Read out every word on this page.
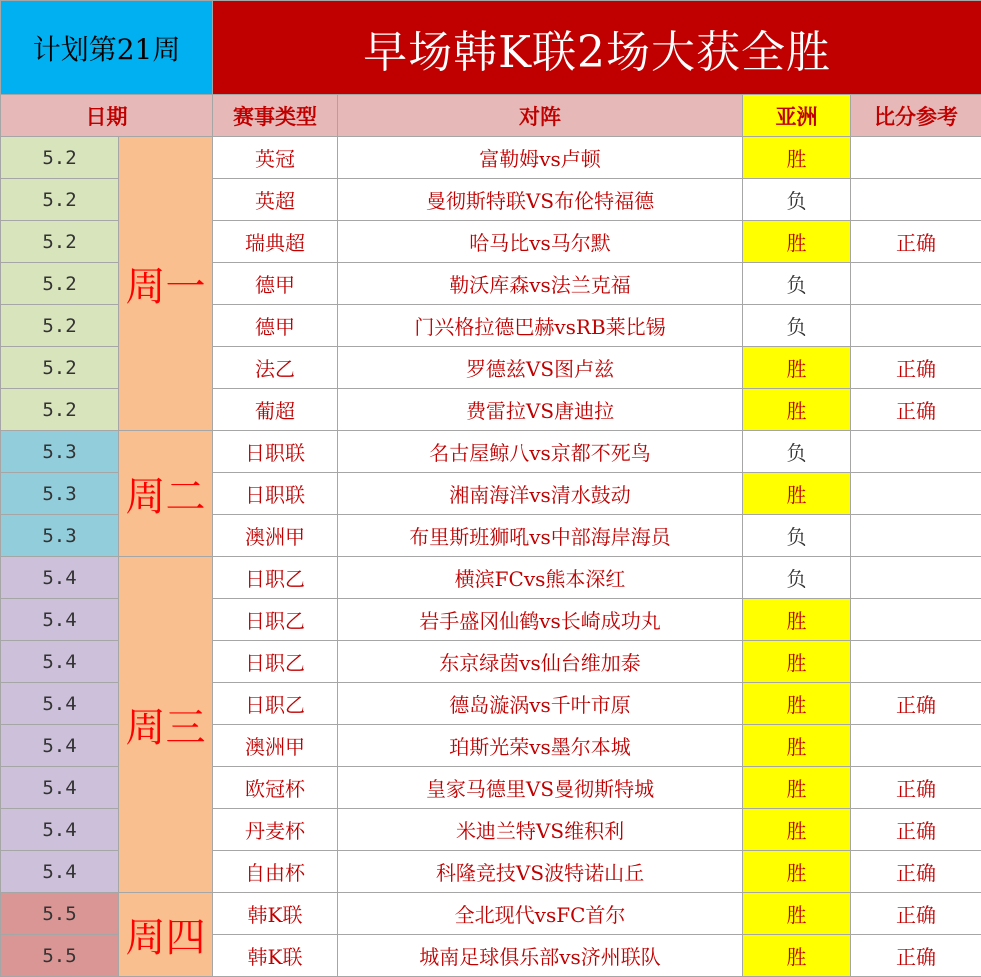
计划第21周		早场韩K联2场大获全胜			
日期		赛事类型	对阵	亚洲	比分参考
5.2	周一	英冠	富勒姆vs卢顿	胜	
5.2		英超	曼彻斯特联VS布伦特福德	负	
5.2		瑞典超	哈马比vs马尔默	胜	正确
5.2		德甲	勒沃库森vs法兰克福	负	
5.2		德甲	门兴格拉德巴赫vsRB莱比锡	负	
5.2		法乙	罗德兹VS图卢兹	胜	正确
5.2		葡超	费雷拉VS唐迪拉	胜	正确
5.3	周二	日职联	名古屋鲸八vs京都不死鸟	负	
5.3		日职联	湘南海洋vs清水鼓动	胜	
5.3		澳洲甲	布里斯班狮吼vs中部海岸海员	负	
5.4	周三	日职乙	横滨FCvs熊本深红	负	
5.4		日职乙	岩手盛冈仙鹤vs长崎成功丸	胜	
5.4		日职乙	东京绿茵vs仙台维加泰	胜	
5.4		日职乙	德岛漩涡vs千叶市原	胜	正确
5.4		澳洲甲	珀斯光荣vs墨尔本城	胜	
5.4		欧冠杯	皇家马德里VS曼彻斯特城	胜	正确
5.4		丹麦杯	米迪兰特VS维积利	胜	正确
5.4		自由杯	科隆竞技VS波特诺山丘	胜	正确
5.5	周四	韩K联	全北现代vsFC首尔	胜	正确
5.5		韩K联	城南足球俱乐部vs济州联队	胜	正确
